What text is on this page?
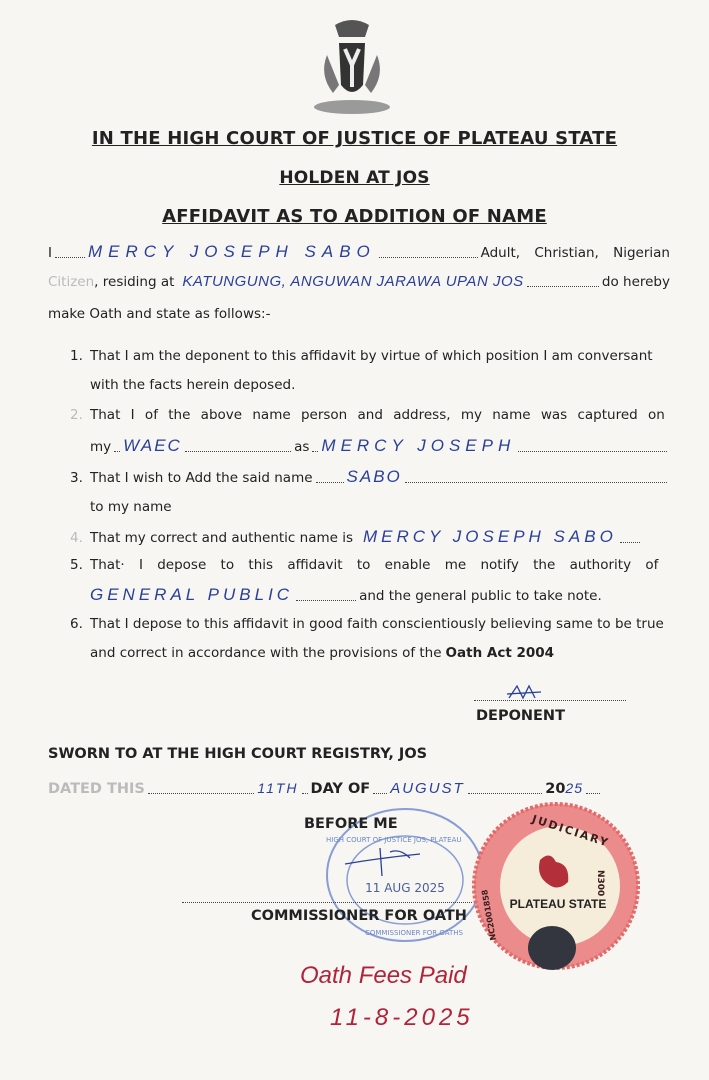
IN THE HIGH COURT OF JUSTICE OF PLATEAU STATE
HOLDEN AT JOS
AFFIDAVIT AS TO ADDITION OF NAME
I MERCY JOSEPH SABO	Adult, Christian, Nigerian
Citizen , residing at KATUNGUNG, ANGUWAN JARAWA UPAN JOS	do hereby
make Oath and state as follows:-
1. That I am the deponent to this affidavit by virtue of which position I am conversant
with the facts herein deposed.
2. That I of the above name person and address, my name was captured on
my WAEC	as MERCY JOSEPH
3. That I wish to Add the said name SABO
to my name
4. That my correct and authentic name is MERCY JOSEPH SABO
5. That· I depose to this affidavit to enable me notify the authority of
GENERAL PUBLIC	and the general public to take note.
6. That I depose to this affidavit in good faith conscientiously believing same to be true
and correct in accordance with the provisions of the Oath Act 2004
DEPONENT
SWORN TO AT THE HIGH COURT REGISTRY, JOS
DATED THIS	11TH DAY OF AUGUST	20 25
11 AUG 2025
HIGH COURT OF JUSTICE JOS, PLATEAU
COMMISSIONER FOR OATHS
BEFORE ME
COMMISSIONER FOR OATH
PLATEAU STATE
JUDICIARY
N300
NC2001858
Oath Fees Paid
11-8-2025
